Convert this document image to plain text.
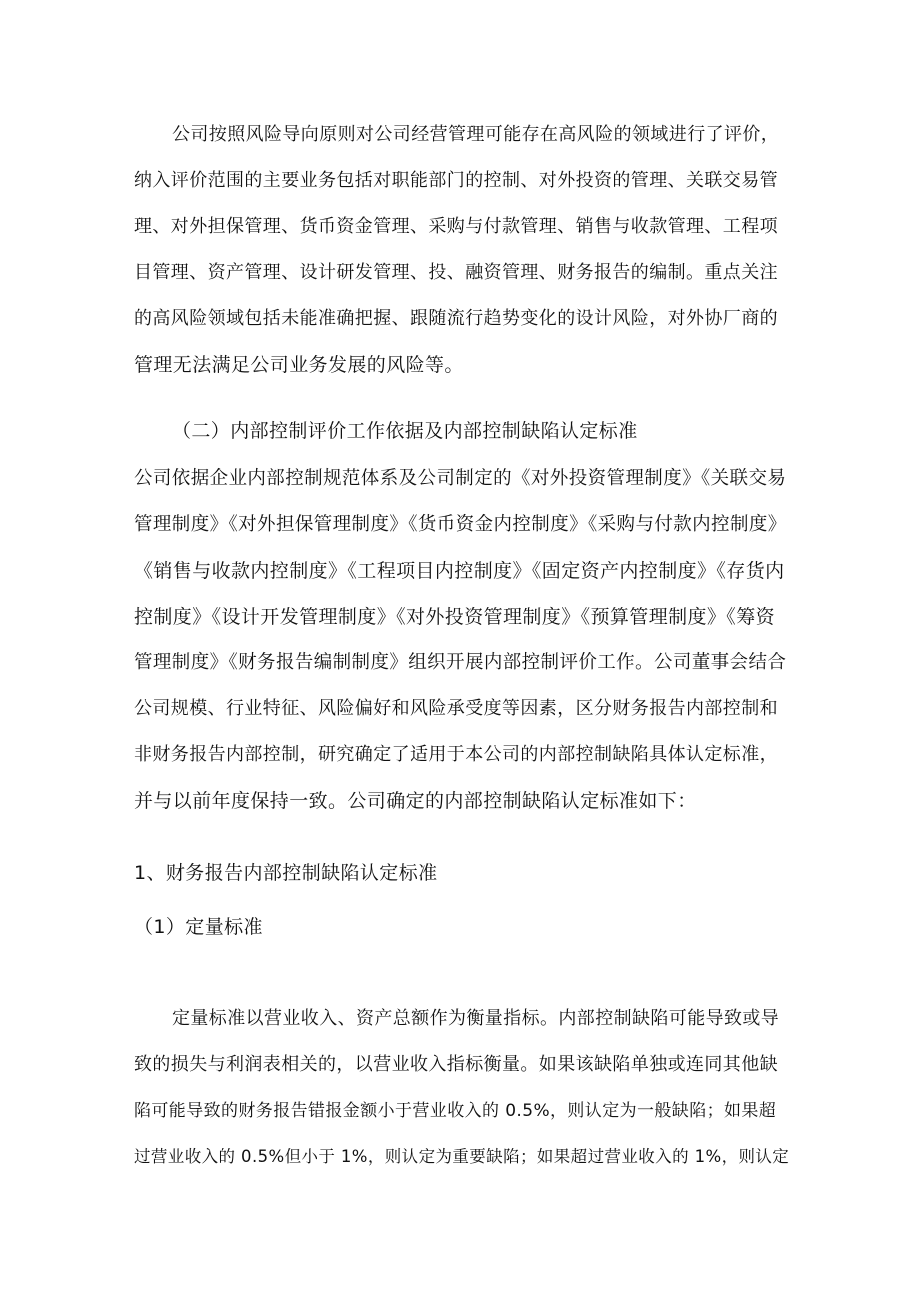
公司按照风险导向原则对公司经营管理可能存在高风险的领域进行了评价，
纳入评价范围的主要业务包括对职能部门的控制、对外投资的管理、关联交易管
理、对外担保管理、货币资金管理、采购与付款管理、销售与收款管理、工程项
目管理、资产管理、设计研发管理、投、融资管理、财务报告的编制。重点关注
的高风险领域包括未能准确把握、跟随流行趋势变化的设计风险，对外协厂商的
管理无法满足公司业务发展的风险等。
（二）内部控制评价工作依据及内部控制缺陷认定标准
公司依据企业内部控制规范体系及公司制定的《对外投资管理制度》《关联交易
管理制度》《对外担保管理制度》《货币资金内控制度》《采购与付款内控制度》
《销售与收款内控制度》《工程项目内控制度》《固定资产内控制度》《存货内
控制度》《设计开发管理制度》《对外投资管理制度》《预算管理制度》《筹资
管理制度》《财务报告编制制度》组织开展内部控制评价工作。公司董事会结合
公司规模、行业特征、风险偏好和风险承受度等因素，区分财务报告内部控制和
非财务报告内部控制，研究确定了适用于本公司的内部控制缺陷具体认定标准，
并与以前年度保持一致。公司确定的内部控制缺陷认定标准如下：
1、财务报告内部控制缺陷认定标准
（1）定量标准
定量标准以营业收入、资产总额作为衡量指标。内部控制缺陷可能导致或导
致的损失与利润表相关的，以营业收入指标衡量。如果该缺陷单独或连同其他缺
陷可能导致的财务报告错报金额小于营业收入的 0.5%，则认定为一般缺陷；如果超
过营业收入的 0.5%但小于 1%，则认定为重要缺陷；如果超过营业收入的 1%，则认定
